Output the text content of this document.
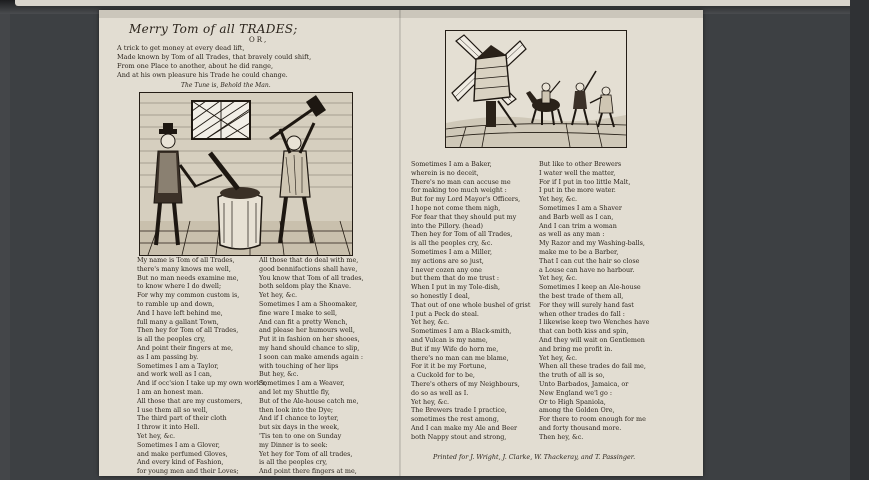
Merry Tom of all TRADES;
OR,
A trick to get money at every dead lift,
Made known by Tom of all Trades, that bravely could shift,
From one Place to another, about he did range,
And at his own pleasure his Trade he could change.
The Tune is, Behold the Man.
My name is Tom of all Trades,
there's many knows me well,
But no man needs examine me,
to know where I do dwell;
For why my common custom is,
to ramble up and down,
And I have left behind me,
full many a gallant Town,
Then hey for Tom of all Trades,
is all the peoples cry,
And point their fingers at me,
as I am passing by.
Sometimes I am a Taylor,
and work well as I can,
And if occ'sion I take up my own work'r,
I am an honest man.
All those that are my customers,
I use them all so well,
The third part of their cloth
I throw it into Hell.
Yet hey, &c.
Sometimes I am a Glover,
and make perfumed Gloves,
And every kind of Fashion,
for young men and their Loves;
All those that do deal with me,
good bennifactions shall have,
You know that Tom of all trades,
both seldom play the Knave.
Yet hey, &c.
Sometimes I am a Shoomaker,
fine ware I make to sell,
And can fit a pretty Wench,
and please her humours well,
Put it in fashion on her shooes,
my hand should chance to slip,
I soon can make amends again :
with touching of her lips
But hey, &c.
Sometimes I am a Weaver,
and let my Shuttle fly,
But of the Ale-house catch me,
then look into the Dye;
And if I chance to loyter,
but six days in the week,
'Tis ten to one on Sunday
my Dinner is to seek:
Yet hey for Tom of all trades,
is all the peoples cry,
And point there fingers at me,
Sometimes I am a Baker,
wherein is no deceit,
There's no man can accuse me
for making too much weight :
But for my Lord Mayor's Officers,
I hope not come them nigh,
For fear that they should put my
into the Pillory. (head)
Then hey for Tom of all Trades,
is all the peoples cry, &c.
Sometimes I am a Miller,
my actions are so just,
I never cozen any one
but them that do me trust :
When I put in my Tole-dish,
so honestly I deal,
That out of one whole bushel of grist
I put a Peck do steal.
Yet hey, &c.
Sometimes I am a Black-smith,
and Vulcan is my name,
But if my Wife do horn me,
there's no man can me blame,
For it it be my Fortune,
a Cuckold for to be,
There's others of my Neighbours,
do so as well as I.
Yet hey, &c.
The Brewers trade I practice,
sometimes the rest among,
And I can make my Ale and Beer
both Nappy stout and strong,
But like to other Brewers
I water well the matter,
For if I put in too little Malt,
I put in the more water.
Yet hey, &c.
Sometimes I am a Shaver
and Barb well as I can,
And I can trim a woman
as well as any man :
My Razor and my Washing-balls,
make me to be a Barber,
That I can cut the hair so close
a Louse can have no harbour.
Yet hey, &c.
Sometimes I keep an Ale-house
the best trade of them all,
For they will surely hand fast
when other trades do fall :
I likewise keep two Wenches have
that can both kiss and spin,
And they will wait on Gentlemen
and bring me profit in.
Yet hey, &c.
When all these trades do fail me,
the truth of all is so,
Unto Barbados, Jamaica, or
New England we'l go :
Or to High Spaniola,
among the Golden Ore,
For there to room enough for me
and forty thousand more.
Then hey, &c.
Printed for J. Wright, J. Clarke, W. Thackeray, and T. Passinger.
